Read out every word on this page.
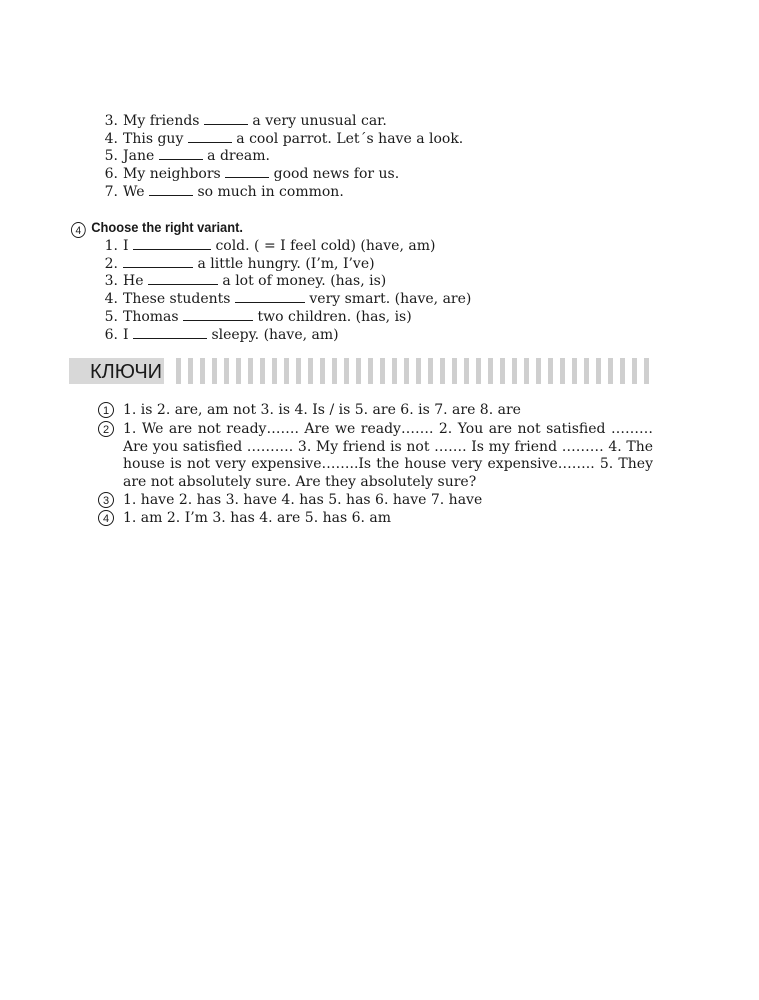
3. My friends	a very unusual car.
4. This guy	a cool parrot. Let´s have a look.
5. Jane	a dream.
6. My neighbors	good news for us.
7. We	so much in common.
4 Choose the right variant.
1. I	cold. ( = I feel cold) (have, am)
2.	a little hungry. (I’m, I’ve)
3. He	a lot of money. (has, is)
4. These students	very smart. (have, are)
5. Thomas	two children. (has, is)
6. I	sleepy. (have, am)
КЛЮЧИ
1 1. is 2. are, am not 3. is 4. Is / is 5. are 6. is 7. are 8. are
2 1. We are not ready……. Are we ready……. 2. You are not satisfied ……… Are you satisfied ………. 3. My friend is not ……. Is my friend ……… 4. The house is not very expensive……..Is the house very expensive…….. 5. They are not absolutely sure. Are they absolutely sure?
3 1. have 2. has 3. have 4. has 5. has 6. have 7. have
4 1. am 2. I’m 3. has 4. are 5. has 6. am
